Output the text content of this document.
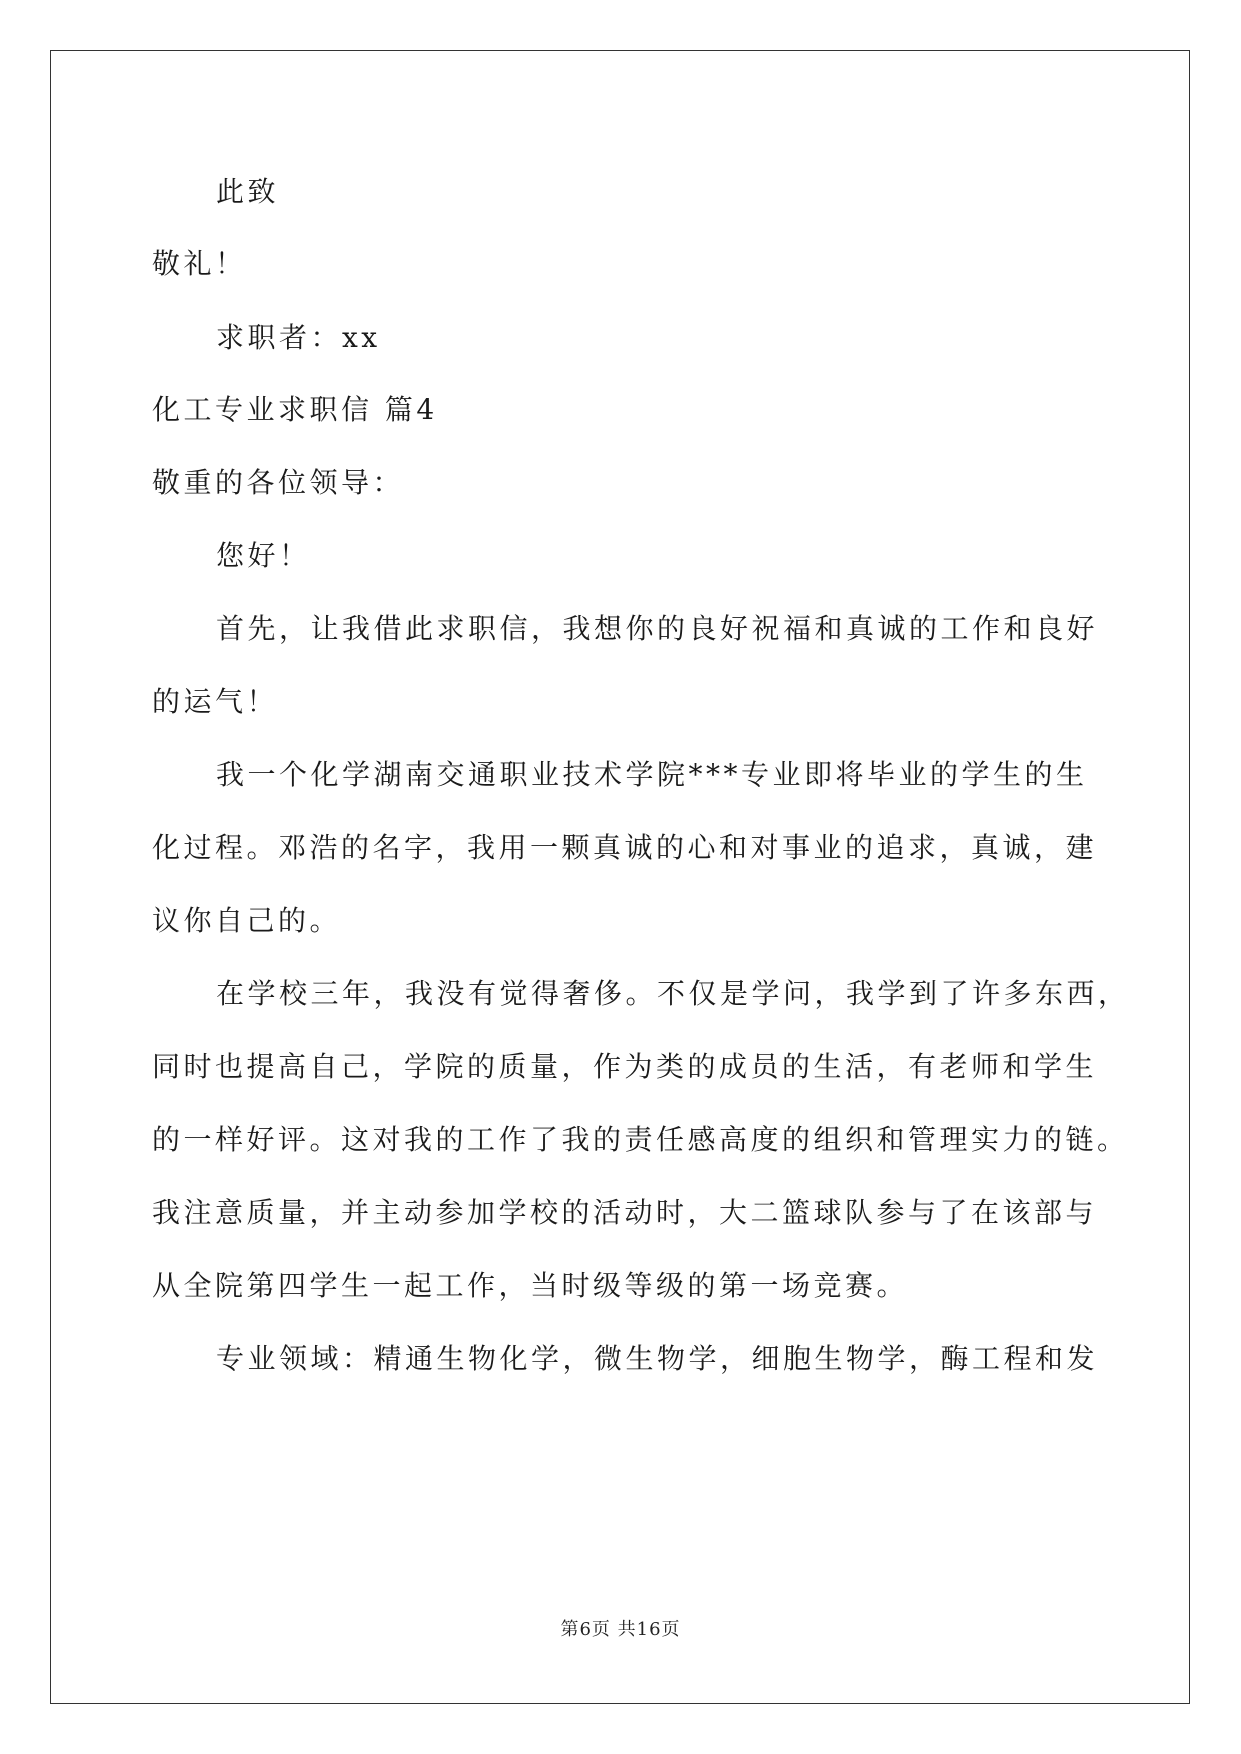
此致
敬礼！
求职者：xx
化工专业求职信 篇4
敬重的各位领导：
您好！
首先，让我借此求职信，我想你的良好祝福和真诚的工作和良好
的运气！
我一个化学湖南交通职业技术学院***专业即将毕业的学生的生
化过程。邓浩的名字，我用一颗真诚的心和对事业的追求，真诚，建
议你自己的。
在学校三年，我没有觉得奢侈。不仅是学问，我学到了许多东西，
同时也提高自己，学院的质量，作为类的成员的生活，有老师和学生
的一样好评。这对我的工作了我的责任感高度的组织和管理实力的链。
我注意质量，并主动参加学校的活动时，大二篮球队参与了在该部与
从全院第四学生一起工作，当时级等级的第一场竞赛。
专业领域：精通生物化学，微生物学，细胞生物学，酶工程和发
第6页 共16页
